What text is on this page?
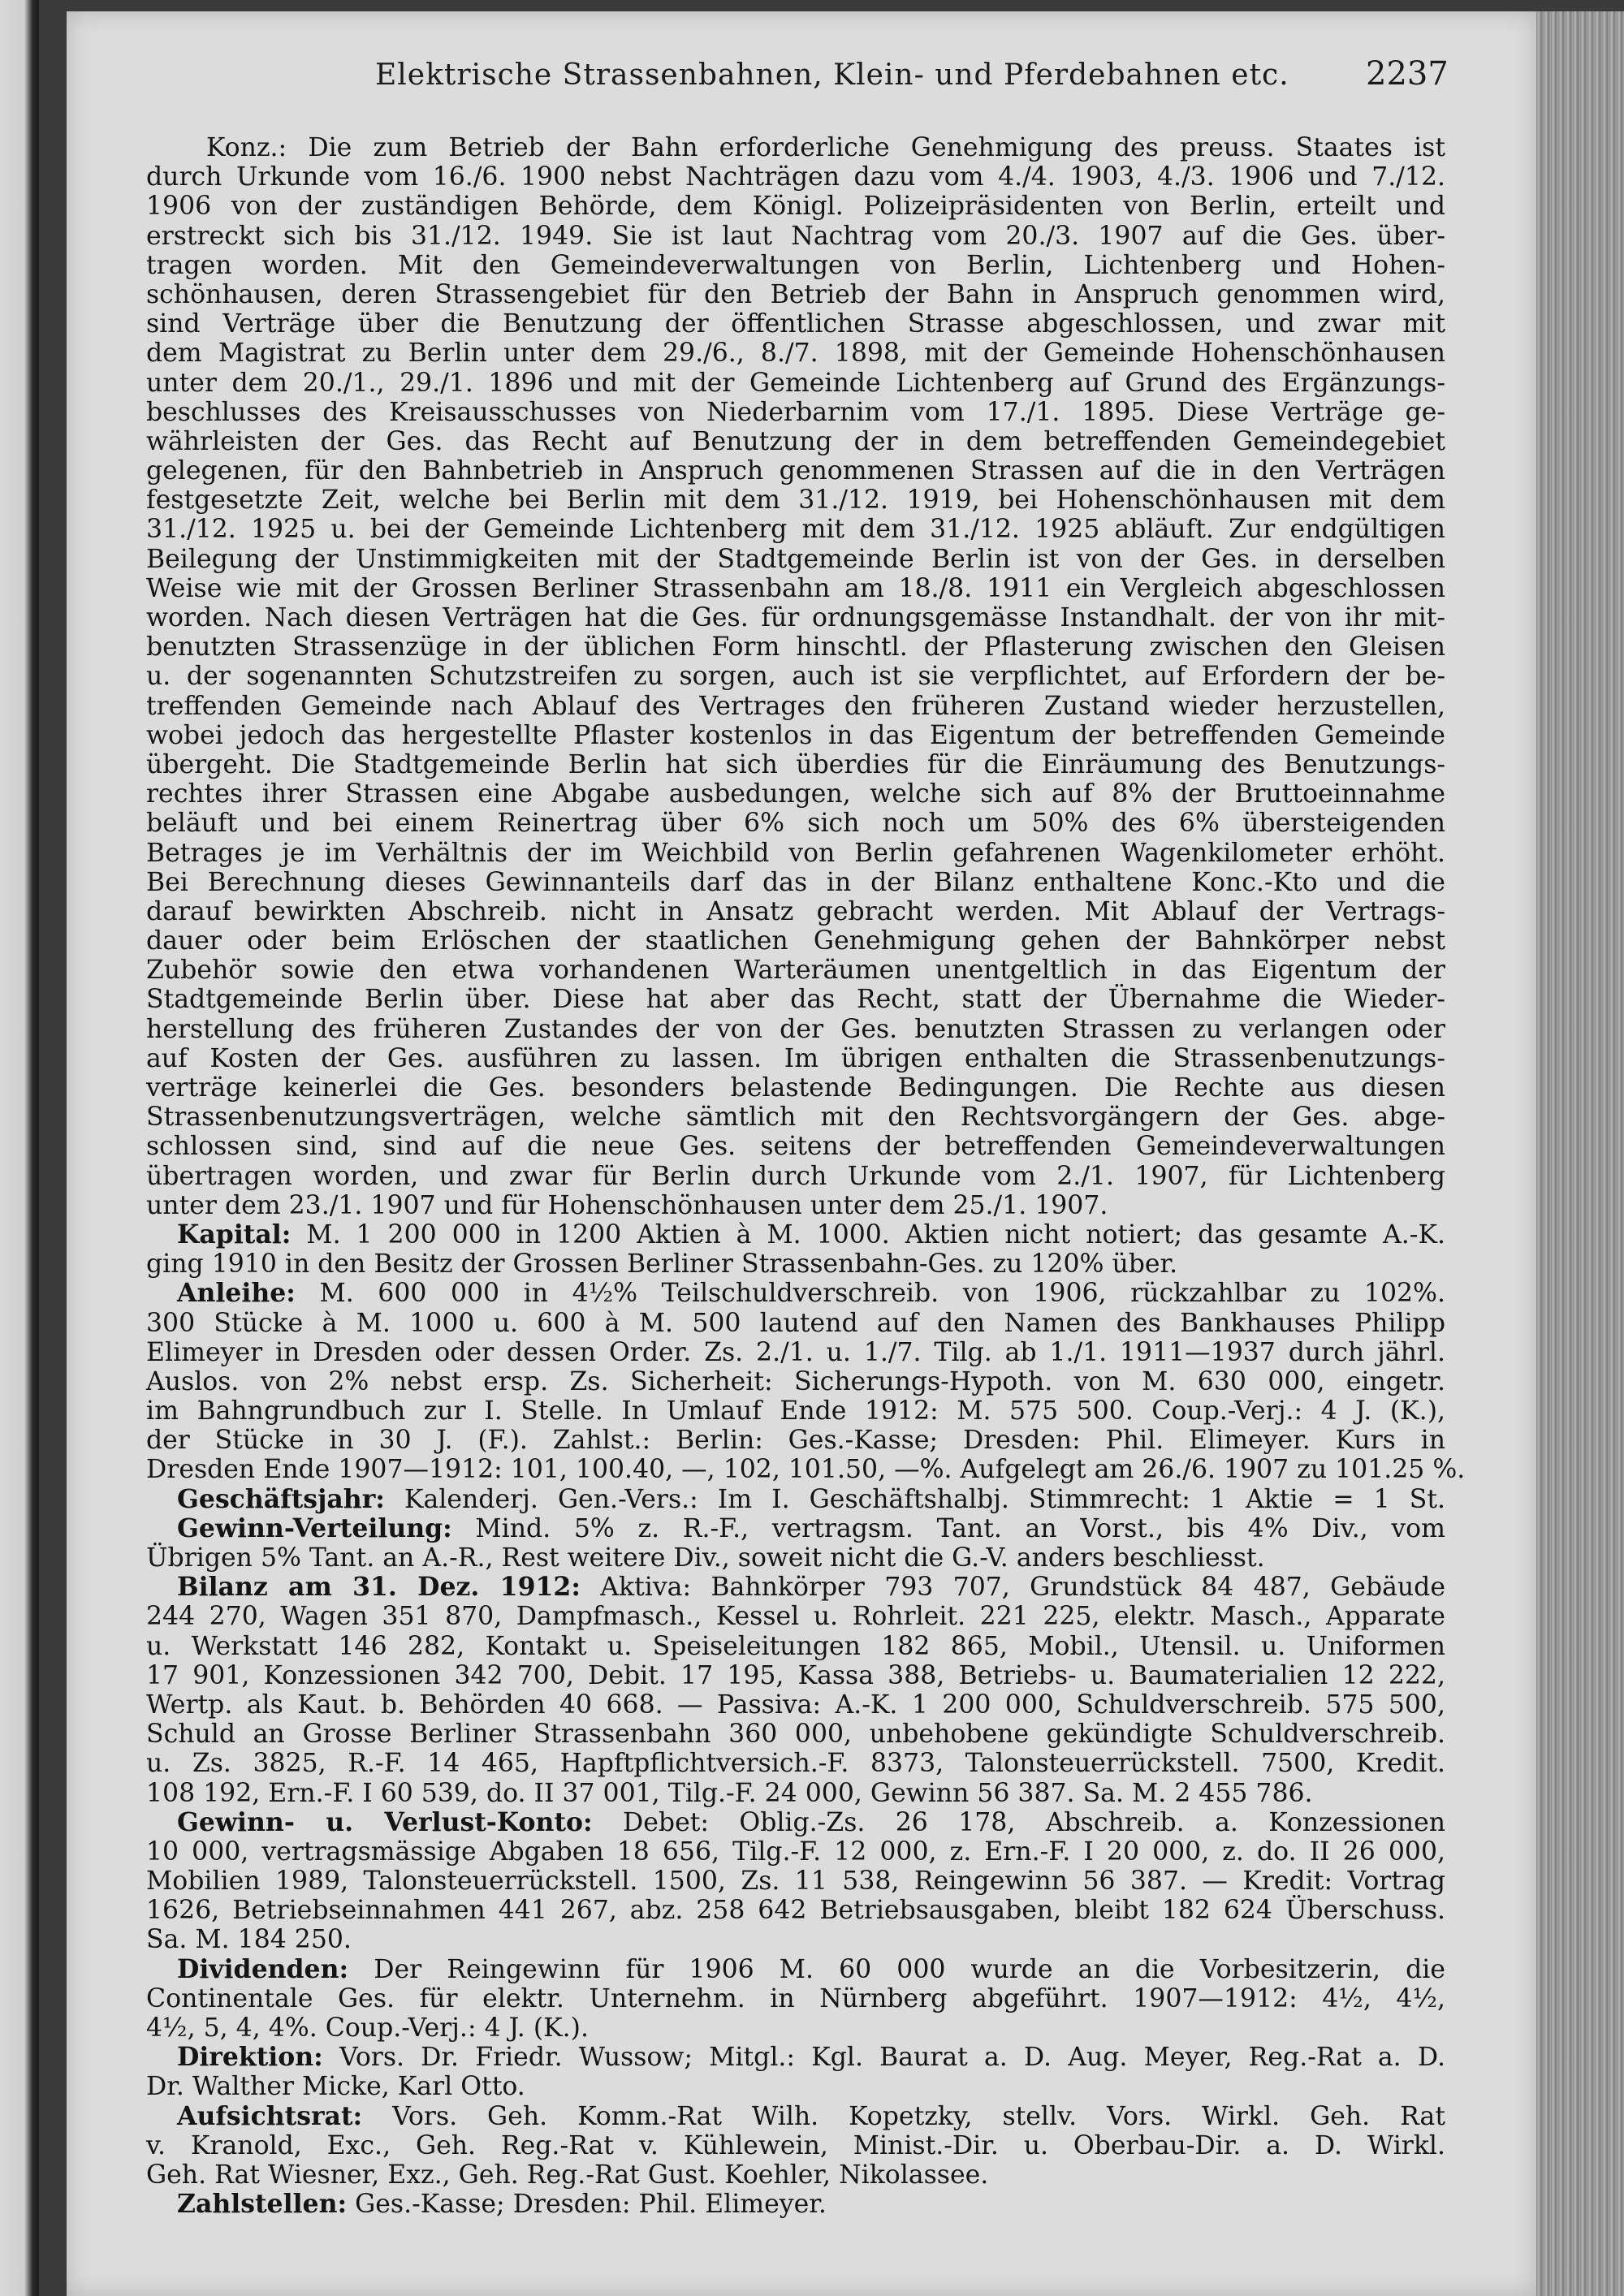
Elektrische Strassenbahnen, Klein- und Pferdebahnen etc. 2237
Konz.: Die zum Betrieb der Bahn erforderliche Genehmigung des preuss. Staates ist
durch Urkunde vom 16./6. 1900 nebst Nachträgen dazu vom 4./4. 1903, 4./3. 1906 und 7./12.
1906 von der zuständigen Behörde, dem Königl. Polizeipräsidenten von Berlin, erteilt und
erstreckt sich bis 31./12. 1949. Sie ist laut Nachtrag vom 20./3. 1907 auf die Ges. über-
tragen worden. Mit den Gemeindeverwaltungen von Berlin, Lichtenberg und Hohen-
schönhausen, deren Strassengebiet für den Betrieb der Bahn in Anspruch genommen wird,
sind Verträge über die Benutzung der öffentlichen Strasse abgeschlossen, und zwar mit
dem Magistrat zu Berlin unter dem 29./6., 8./7. 1898, mit der Gemeinde Hohenschönhausen
unter dem 20./1., 29./1. 1896 und mit der Gemeinde Lichtenberg auf Grund des Ergänzungs-
beschlusses des Kreisausschusses von Niederbarnim vom 17./1. 1895. Diese Verträge ge-
währleisten der Ges. das Recht auf Benutzung der in dem betreffenden Gemeindegebiet
gelegenen, für den Bahnbetrieb in Anspruch genommenen Strassen auf die in den Verträgen
festgesetzte Zeit, welche bei Berlin mit dem 31./12. 1919, bei Hohenschönhausen mit dem
31./12. 1925 u. bei der Gemeinde Lichtenberg mit dem 31./12. 1925 abläuft. Zur endgültigen
Beilegung der Unstimmigkeiten mit der Stadtgemeinde Berlin ist von der Ges. in derselben
Weise wie mit der Grossen Berliner Strassenbahn am 18./8. 1911 ein Vergleich abgeschlossen
worden. Nach diesen Verträgen hat die Ges. für ordnungsgemässe Instandhalt. der von ihr mit-
benutzten Strassenzüge in der üblichen Form hinschtl. der Pflasterung zwischen den Gleisen
u. der sogenannten Schutzstreifen zu sorgen, auch ist sie verpflichtet, auf Erfordern der be-
treffenden Gemeinde nach Ablauf des Vertrages den früheren Zustand wieder herzustellen,
wobei jedoch das hergestellte Pflaster kostenlos in das Eigentum der betreffenden Gemeinde
übergeht. Die Stadtgemeinde Berlin hat sich überdies für die Einräumung des Benutzungs-
rechtes ihrer Strassen eine Abgabe ausbedungen, welche sich auf 8% der Bruttoeinnahme
beläuft und bei einem Reinertrag über 6% sich noch um 50% des 6% übersteigenden
Betrages je im Verhältnis der im Weichbild von Berlin gefahrenen Wagenkilometer erhöht.
Bei Berechnung dieses Gewinnanteils darf das in der Bilanz enthaltene Konc.-Kto und die
darauf bewirkten Abschreib. nicht in Ansatz gebracht werden. Mit Ablauf der Vertrags-
dauer oder beim Erlöschen der staatlichen Genehmigung gehen der Bahnkörper nebst
Zubehör sowie den etwa vorhandenen Warteräumen unentgeltlich in das Eigentum der
Stadtgemeinde Berlin über. Diese hat aber das Recht, statt der Übernahme die Wieder-
herstellung des früheren Zustandes der von der Ges. benutzten Strassen zu verlangen oder
auf Kosten der Ges. ausführen zu lassen. Im übrigen enthalten die Strassenbenutzungs-
verträge keinerlei die Ges. besonders belastende Bedingungen. Die Rechte aus diesen
Strassenbenutzungsverträgen, welche sämtlich mit den Rechtsvorgängern der Ges. abge-
schlossen sind, sind auf die neue Ges. seitens der betreffenden Gemeindeverwaltungen
übertragen worden, und zwar für Berlin durch Urkunde vom 2./1. 1907, für Lichtenberg
unter dem 23./1. 1907 und für Hohenschönhausen unter dem 25./1. 1907.
Kapital: M. 1 200 000 in 1200 Aktien à M. 1000. Aktien nicht notiert; das gesamte A.-K.
ging 1910 in den Besitz der Grossen Berliner Strassenbahn-Ges. zu 120% über.
Anleihe: M. 600 000 in 4½% Teilschuldverschreib. von 1906, rückzahlbar zu 102%.
300 Stücke à M. 1000 u. 600 à M. 500 lautend auf den Namen des Bankhauses Philipp
Elimeyer in Dresden oder dessen Order. Zs. 2./1. u. 1./7. Tilg. ab 1./1. 1911—1937 durch jährl.
Auslos. von 2% nebst ersp. Zs. Sicherheit: Sicherungs-Hypoth. von M. 630 000, eingetr.
im Bahngrundbuch zur I. Stelle. In Umlauf Ende 1912: M. 575 500. Coup.-Verj.: 4 J. (K.),
der Stücke in 30 J. (F.). Zahlst.: Berlin: Ges.-Kasse; Dresden: Phil. Elimeyer. Kurs in
Dresden Ende 1907—1912: 101, 100.40, —, 102, 101.50, —%. Aufgelegt am 26./6. 1907 zu 101.25 %.
Geschäftsjahr: Kalenderj. Gen.-Vers.: Im I. Geschäftshalbj. Stimmrecht: 1 Aktie = 1 St.
Gewinn-Verteilung: Mind. 5% z. R.-F., vertragsm. Tant. an Vorst., bis 4% Div., vom
Übrigen 5% Tant. an A.-R., Rest weitere Div., soweit nicht die G.-V. anders beschliesst.
Bilanz am 31. Dez. 1912: Aktiva: Bahnkörper 793 707, Grundstück 84 487, Gebäude
244 270, Wagen 351 870, Dampfmasch., Kessel u. Rohrleit. 221 225, elektr. Masch., Apparate
u. Werkstatt 146 282, Kontakt u. Speiseleitungen 182 865, Mobil., Utensil. u. Uniformen
17 901, Konzessionen 342 700, Debit. 17 195, Kassa 388, Betriebs- u. Baumaterialien 12 222,
Wertp. als Kaut. b. Behörden 40 668. — Passiva: A.-K. 1 200 000, Schuldverschreib. 575 500,
Schuld an Grosse Berliner Strassenbahn 360 000, unbehobene gekündigte Schuldverschreib.
u. Zs. 3825, R.-F. 14 465, Hapftpflichtversich.-F. 8373, Talonsteuerrückstell. 7500, Kredit.
108 192, Ern.-F. I 60 539, do. II 37 001, Tilg.-F. 24 000, Gewinn 56 387. Sa. M. 2 455 786.
Gewinn- u. Verlust-Konto: Debet: Oblig.-Zs. 26 178, Abschreib. a. Konzessionen
10 000, vertragsmässige Abgaben 18 656, Tilg.-F. 12 000, z. Ern.-F. I 20 000, z. do. II 26 000,
Mobilien 1989, Talonsteuerrückstell. 1500, Zs. 11 538, Reingewinn 56 387. — Kredit: Vortrag
1626, Betriebseinnahmen 441 267, abz. 258 642 Betriebsausgaben, bleibt 182 624 Überschuss.
Sa. M. 184 250.
Dividenden: Der Reingewinn für 1906 M. 60 000 wurde an die Vorbesitzerin, die
Continentale Ges. für elektr. Unternehm. in Nürnberg abgeführt. 1907—1912: 4½, 4½,
4½, 5, 4, 4%. Coup.-Verj.: 4 J. (K.).
Direktion: Vors. Dr. Friedr. Wussow; Mitgl.: Kgl. Baurat a. D. Aug. Meyer, Reg.-Rat a. D.
Dr. Walther Micke, Karl Otto.
Aufsichtsrat: Vors. Geh. Komm.-Rat Wilh. Kopetzky, stellv. Vors. Wirkl. Geh. Rat
v. Kranold, Exc., Geh. Reg.-Rat v. Kühlewein, Minist.-Dir. u. Oberbau-Dir. a. D. Wirkl.
Geh. Rat Wiesner, Exz., Geh. Reg.-Rat Gust. Koehler, Nikolassee.
Zahlstellen: Ges.-Kasse; Dresden: Phil. Elimeyer.
